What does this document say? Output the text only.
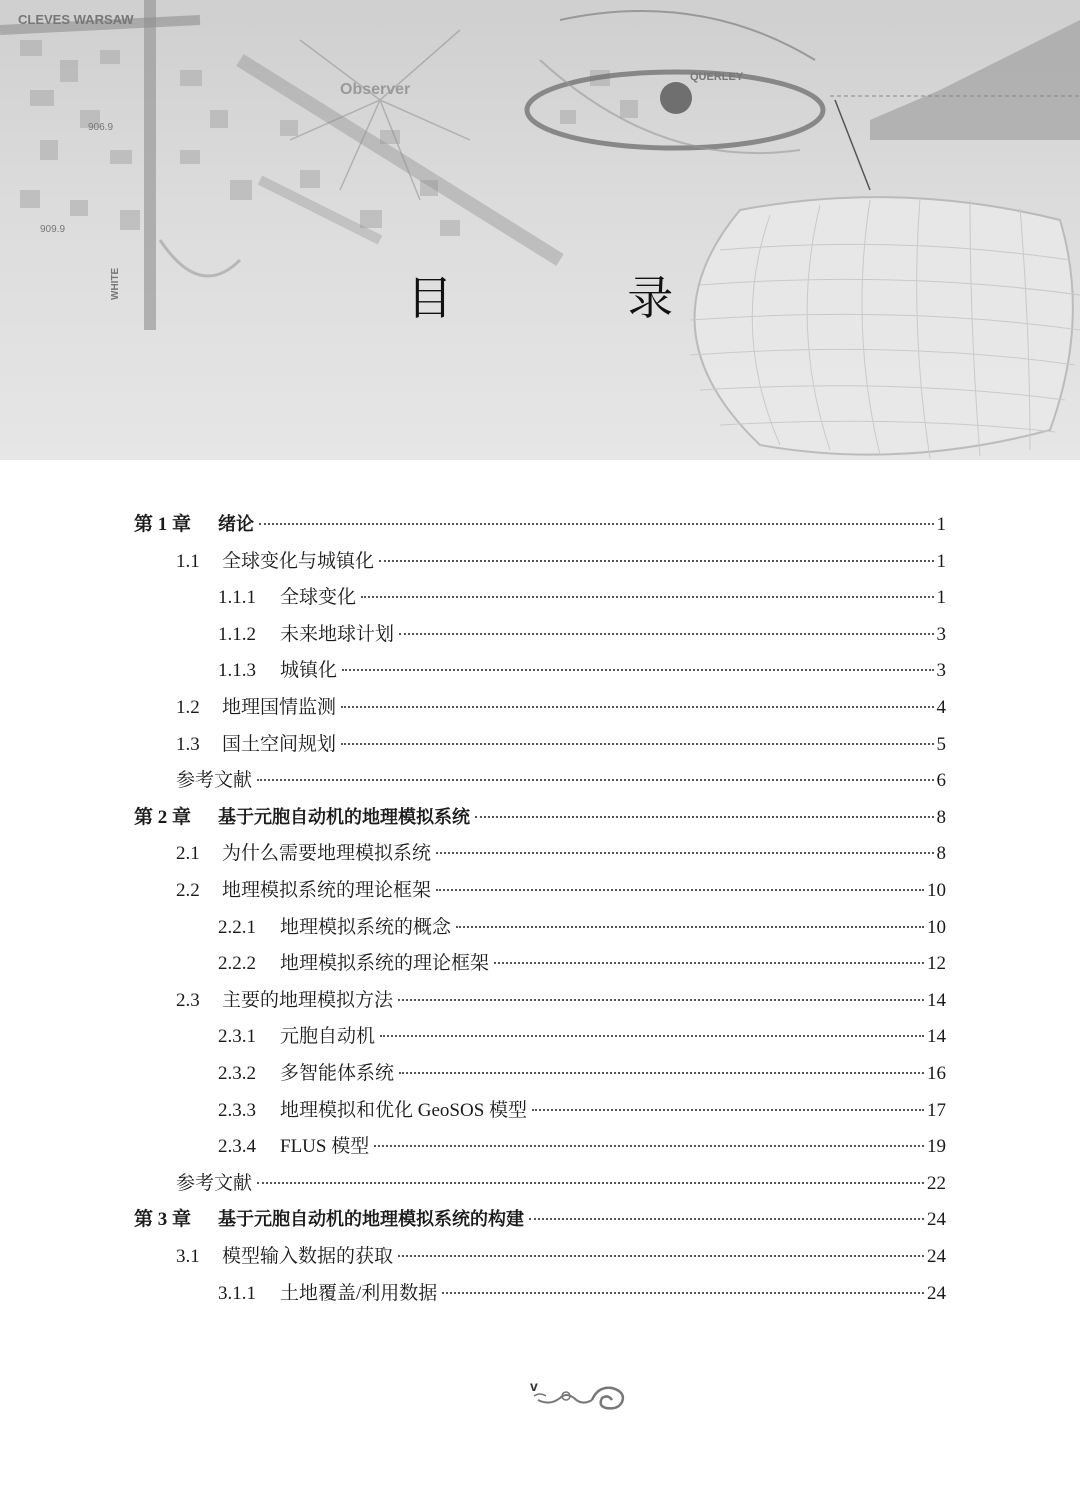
CLEVES WARSAW
Observer
QUERLEY
906.9
909.9
WHITE	目 录
第 1 章	绪论	1
1.1	全球变化与城镇化	1
1.1.1	全球变化	1
1.1.2	未来地球计划	3
1.1.3	城镇化	3
1.2	地理国情监测	4
1.3	国土空间规划	5
参考文献	6
第 2 章	基于元胞自动机的地理模拟系统	8
2.1	为什么需要地理模拟系统	8
2.2	地理模拟系统的理论框架	10
2.2.1	地理模拟系统的概念	10
2.2.2	地理模拟系统的理论框架	12
2.3	主要的地理模拟方法	14
2.3.1	元胞自动机	14
2.3.2	多智能体系统	16
2.3.3	地理模拟和优化 GeoSOS 模型	17
2.3.4	FLUS 模型	19
参考文献	22
第 3 章	基于元胞自动机的地理模拟系统的构建	24
3.1	模型输入数据的获取	24
3.1.1	土地覆盖/利用数据	24
v
